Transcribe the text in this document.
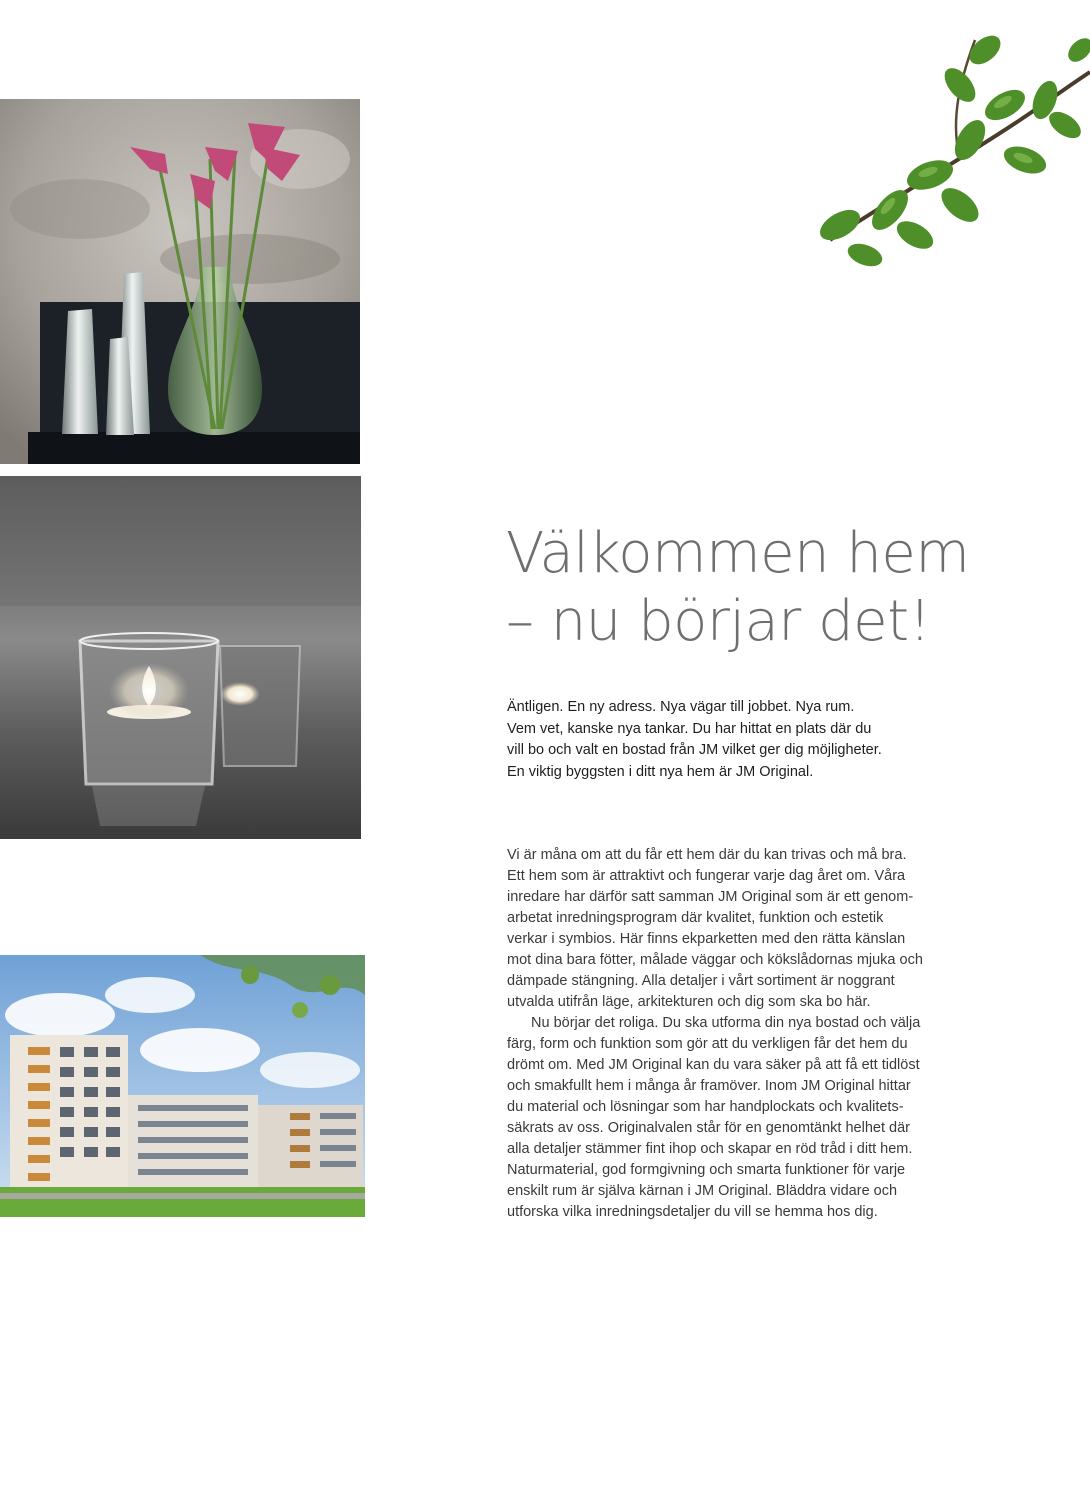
Välkommen hem
– nu börjar det!

Äntligen. En ny adress. Nya vägar till jobbet. Nya rum.
Vem vet, kanske nya tankar. Du har hittat en plats där du
vill bo och valt en bostad från JM vilket ger dig möjligheter.
En viktig byggsten i ditt nya hem är JM Original.

Vi är måna om att du får ett hem där du kan trivas och må bra.
Ett hem som är attraktivt och fungerar varje dag året om. Våra
inredare har därför satt samman JM Original som är ett genom-
arbetat inredningsprogram där kvalitet, funktion och estetik
verkar i symbios. Här finns ekparketten med den rätta känslan
mot dina bara fötter, målade väggar och kökslådornas mjuka och
dämpade stängning. Alla detaljer i vårt sortiment är noggrant
utvalda utifrån läge, arkitekturen och dig som ska bo här.
Nu börjar det roliga. Du ska utforma din nya bostad och välja
färg, form och funktion som gör att du verkligen får det hem du
drömt om. Med JM Original kan du vara säker på att få ett tidlöst
och smakfullt hem i många år framöver. Inom JM Original hittar
du material och lösningar som har handplockats och kvalitets-
säkrats av oss. Originalvalen står för en genomtänkt helhet där
alla detaljer stämmer fint ihop och skapar en röd tråd i ditt hem.
Naturmaterial, god formgivning och smarta funktioner för varje
enskilt rum är själva kärnan i JM Original. Bläddra vidare och
utforska vilka inredningsdetaljer du vill se hemma hos dig.
